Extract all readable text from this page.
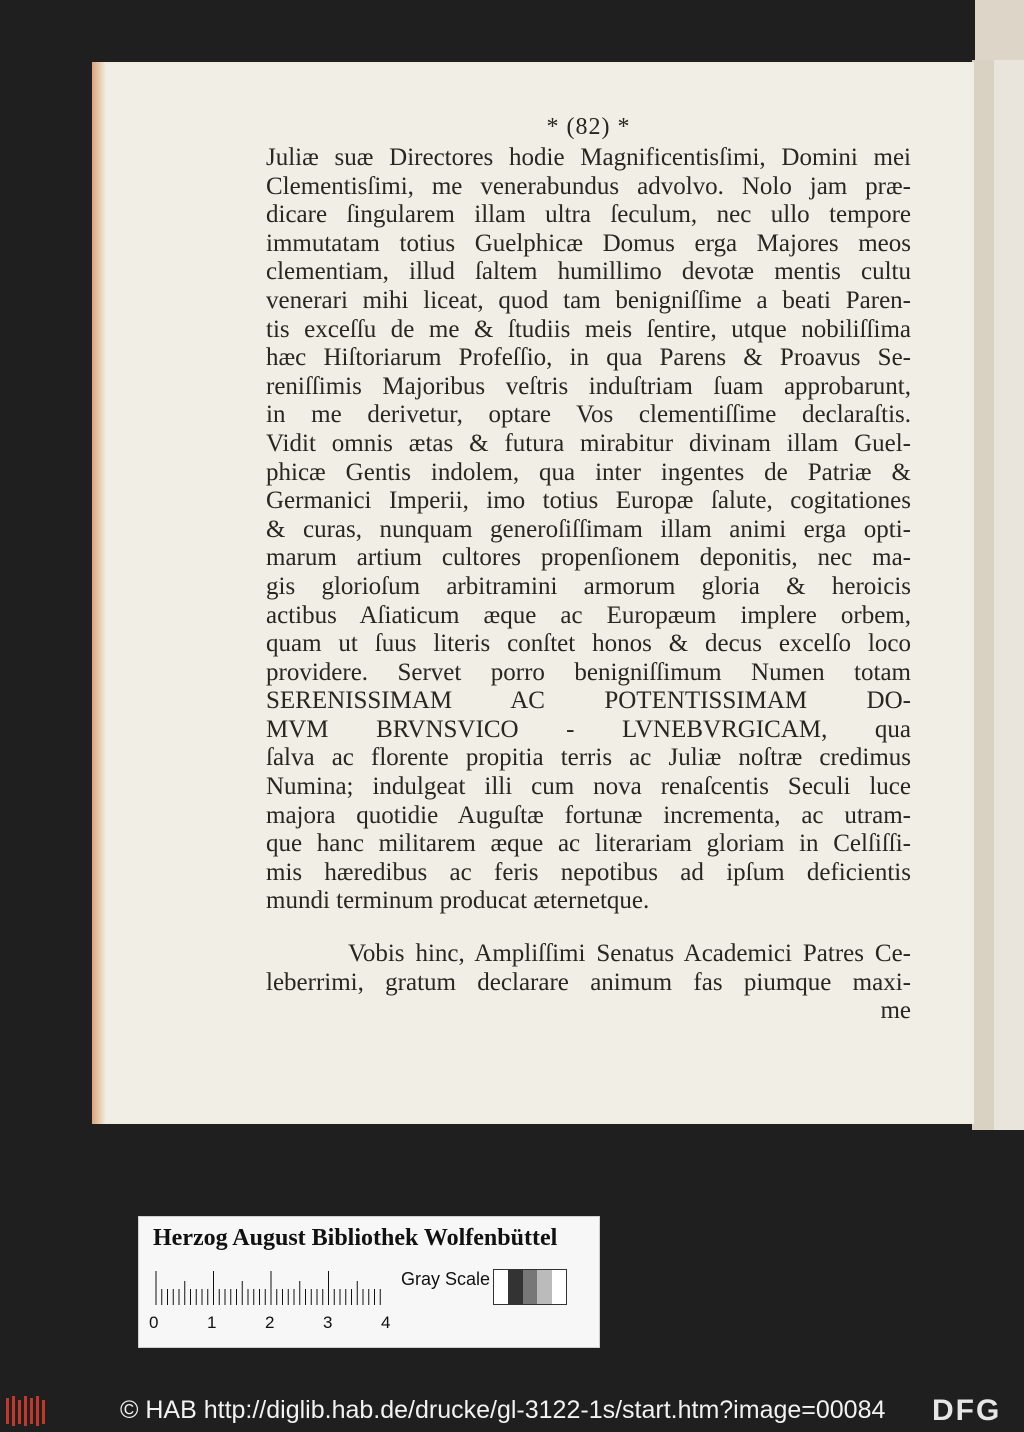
* (82) *
Juliæ suæ Directores hodie Magnificentisſimi, Domini mei
Clementisſimi, me venerabundus advolvo. Nolo jam præ-
dicare ſingularem illam ultra ſeculum, nec ullo tempore
immutatam totius Guelphicæ Domus erga Majores meos
clementiam, illud ſaltem humillimo devotæ mentis cultu
venerari mihi liceat, quod tam benigniſſime a beati Paren-
tis exceſſu de me & ſtudiis meis ſentire, utque nobiliſſima
hæc Hiſtoriarum Profeſſio, in qua Parens & Proavus Se-
reniſſimis Majoribus veſtris induſtriam ſuam approbarunt,
in me derivetur, optare Vos clementiſſime declaraſtis.
Vidit omnis ætas & futura mirabitur divinam illam Guel-
phicæ Gentis indolem, qua inter ingentes de Patriæ &
Germanici Imperii, imo totius Europæ ſalute, cogitationes
& curas, nunquam generoſiſſimam illam animi erga opti-
marum artium cultores propenſionem deponitis, nec ma-
gis glorioſum arbitramini armorum gloria & heroicis
actibus Aſiaticum æque ac Europæum implere orbem,
quam ut ſuus literis conſtet honos & decus excelſo loco
providere. Servet porro benigniſſimum Numen totam
SERENISSIMAM AC POTENTISSIMAM DO-
MVM BRVNSVICO - LVNEBVRGICAM, qua
ſalva ac florente propitia terris ac Juliæ noſtræ credimus
Numina; indulgeat illi cum nova renaſcentis Seculi luce
majora quotidie Auguſtæ fortunæ incrementa, ac utram-
que hanc militarem æque ac literariam gloriam in Celſiſſi-
mis hæredibus ac feris nepotibus ad ipſum deficientis
mundi terminum producat æternetque.
Vobis hinc, Ampliſſimi Senatus Academici Patres Ce-
leberrimi, gratum declarare animum fas piumque maxi-
me
Herzog August Bibliothek Wolfenbüttel
0	1	2	3	4
Gray Scale
© HAB http://diglib.hab.de/drucke/gl-3122-1s/start.htm?image=00084 DFG
